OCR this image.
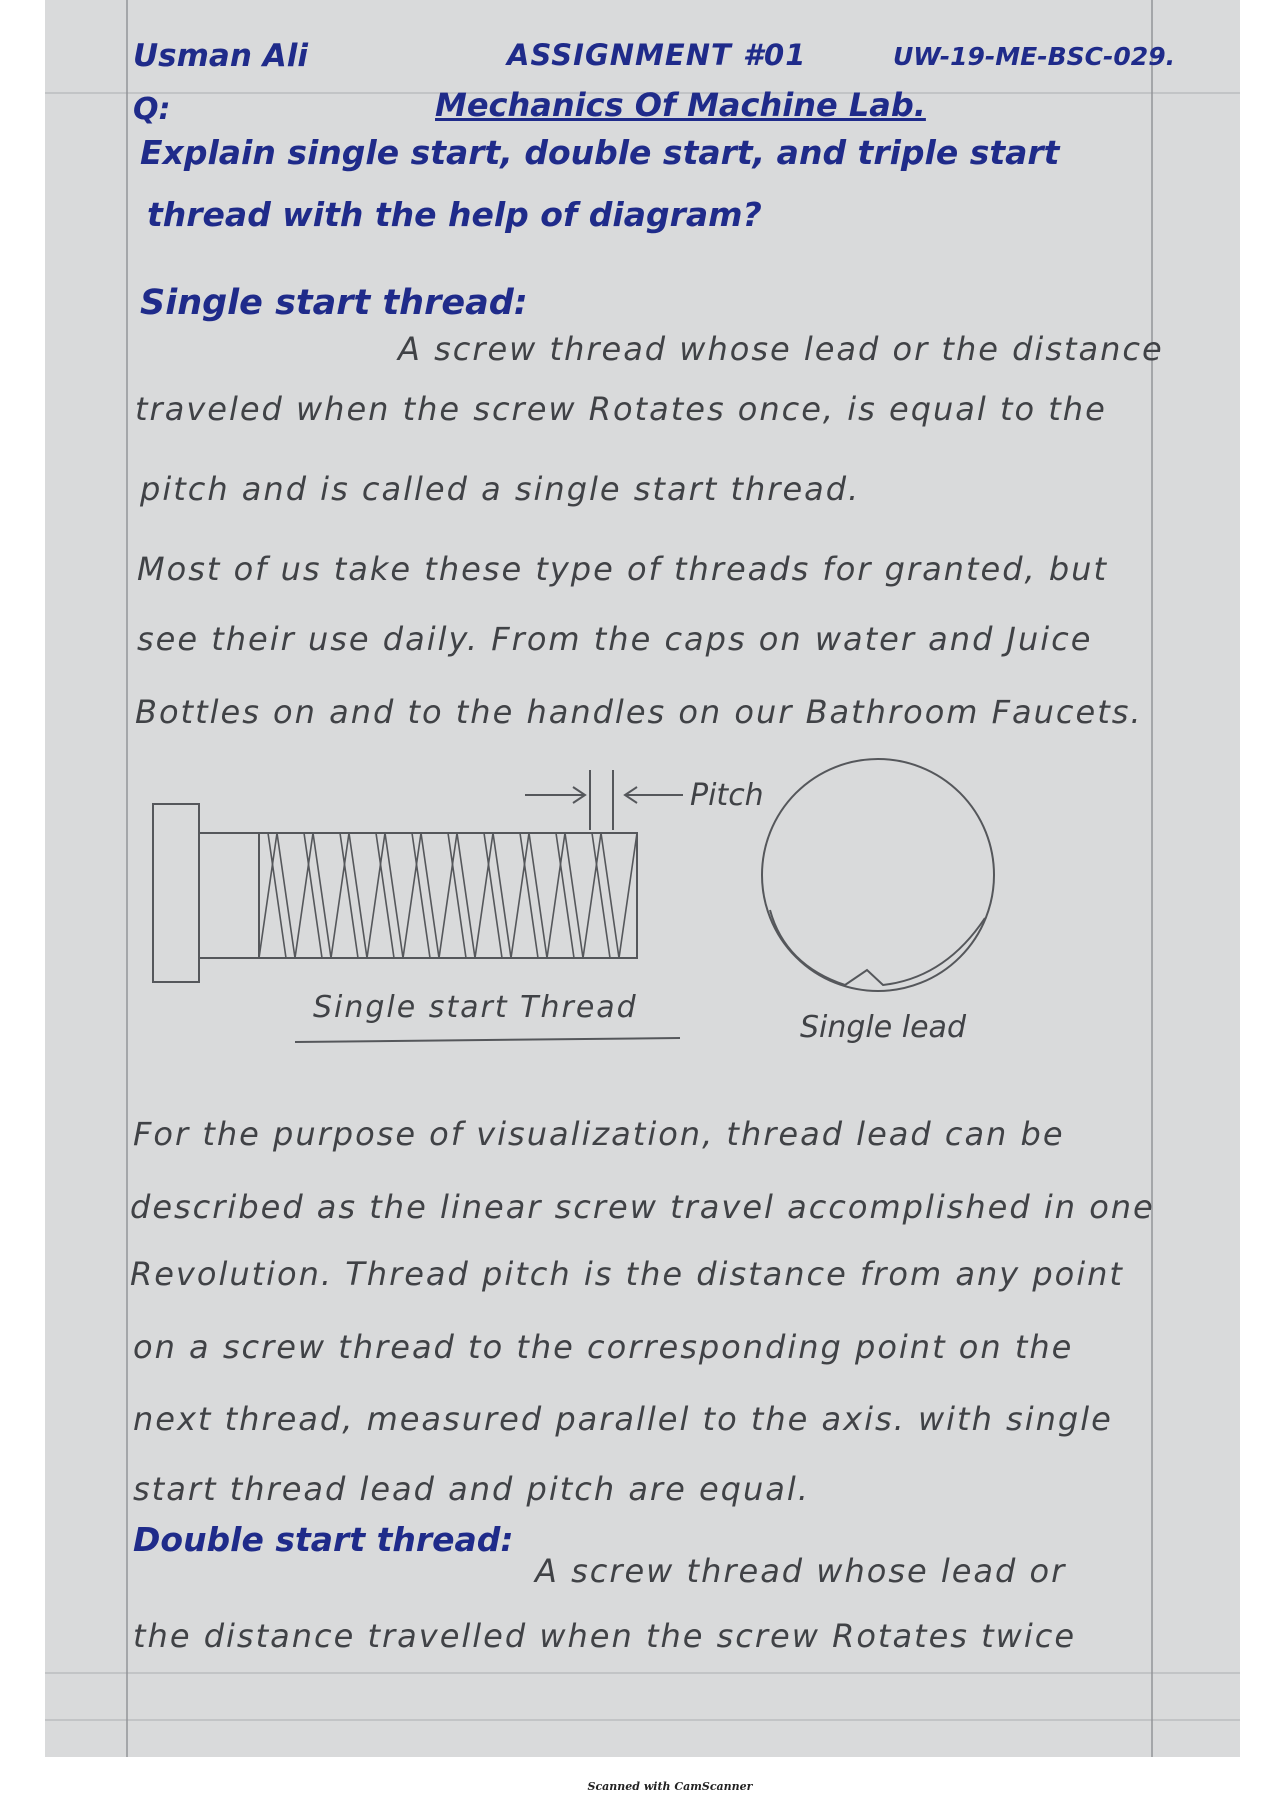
Usman Ali	ASSIGNMENT #01	UW-19-ME-BSC-029.
Q:	Mechanics Of Machine Lab.
Explain single start, double start, and triple start
thread with the help of diagram?
Single start thread:
A screw thread whose lead or the distance
traveled when the screw Rotates once, is equal to the
pitch and is called a single start thread.
Most of us take these type of threads for granted, but
see their use daily. From the caps on water and Juice
Bottles on and to the handles on our Bathroom Faucets.
Pitch
Single start Thread
Single lead
For the purpose of visualization, thread lead can be
described as the linear screw travel accomplished in one
Revolution. Thread pitch is the distance from any point
on a screw thread to the corresponding point on the
next thread, measured parallel to the axis. with single
start thread lead and pitch are equal.
Double start thread:
A screw thread whose lead or
the distance travelled when the screw Rotates twice
Scanned with CamScanner
